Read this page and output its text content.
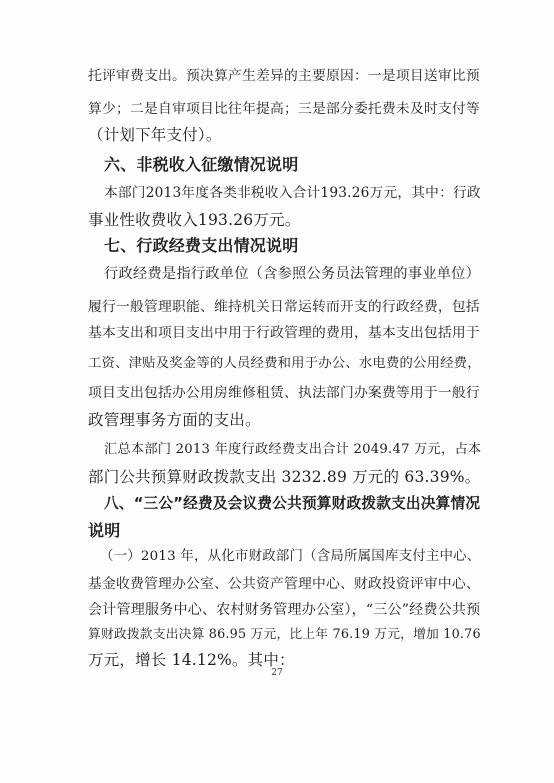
托评审费支出。预决算产生差异的主要原因：一是项目送审比预
算少；二是自审项目比往年提高；三是部分委托费未及时支付等
（计划下年支付）。
六、非税收入征缴情况说明
本部门2013年度各类非税收入合计193.26万元，其中：行政
事业性收费收入193.26万元。
七、行政经费支出情况说明
行政经费是指行政单位（含参照公务员法管理的事业单位）
履行一般管理职能、维持机关日常运转而开支的行政经费，包括
基本支出和项目支出中用于行政管理的费用，基本支出包括用于
工资、津贴及奖金等的人员经费和用于办公、水电费的公用经费，
项目支出包括办公用房维修租赁、执法部门办案费等用于一般行
政管理事务方面的支出。
汇总本部门 2013 年度行政经费支出合计 2049.47 万元，占本
部门公共预算财政拨款支出 3232.89 万元的 63.39%。
八、“三公”经费及会议费公共预算财政拨款支出决算情况
说明
（一）2013 年，从化市财政部门（含局所属国库支付主中心、
基金收费管理办公室、公共资产管理中心、财政投资评审中心、
会计管理服务中心、农村财务管理办公室），“三公”经费公共预
算财政拨款支出决算 86.95 万元，比上年 76.19 万元，增加 10.76
万元，增长 14.12%。其中：
27
